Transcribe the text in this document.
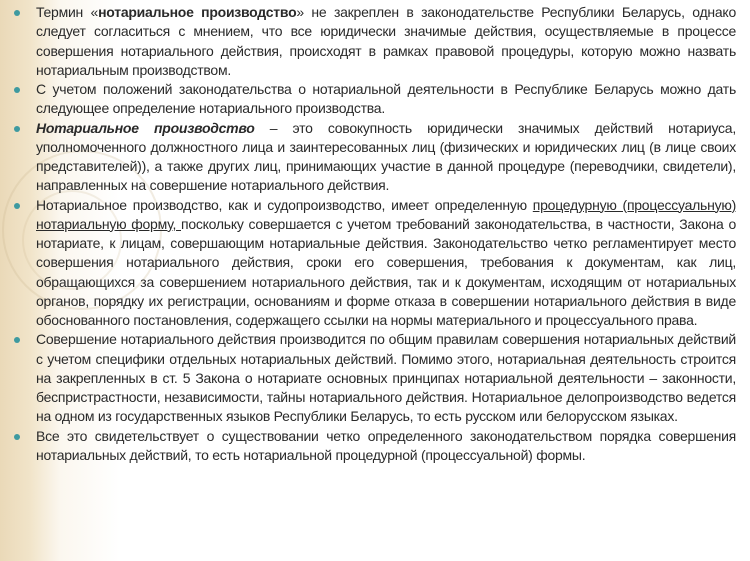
Термин «нотариальное производство» не закреплен в законодательстве Республики Беларусь, однако следует согласиться с мнением, что все юридически значимые действия, осуществляемые в процессе совершения нотариального действия, происходят в рамках правовой процедуры, которую можно назвать нотариальным производством.
С учетом положений законодательства о нотариальной деятельности в Республике Беларусь можно дать следующее определение нотариального производства.
Нотариальное производство – это совокупность юридически значимых действий нотариуса, уполномоченного должностного лица и заинтересованных лиц (физических и юридических лиц (в лице своих представителей)), а также других лиц, принимающих участие в данной процедуре (переводчики, свидетели), направленных на совершение нотариального действия.
Нотариальное производство, как и судопроизводство, имеет определенную процедурную (процессуальную) нотариальную форму, поскольку совершается с учетом требований законодательства, в частности, Закона о нотариате, к лицам, совершающим нотариальные действия. Законодательство четко регламентирует место совершения нотариального действия, сроки его совершения, требования к документам, как лиц, обращающихся за совершением нотариального действия, так и к документам, исходящим от нотариальных органов, порядку их регистрации, основаниям и форме отказа в совершении нотариального действия в виде обоснованного постановления, содержащего ссылки на нормы материального и процессуального права.
Совершение нотариального действия производится по общим правилам совершения нотариальных действий с учетом специфики отдельных нотариальных действий. Помимо этого, нотариальная деятельность строится на закрепленных в ст. 5 Закона о нотариате основных принципах нотариальной деятельности – законности, беспристрастности, независимости, тайны нотариального действия. Нотариальное делопроизводство ведется на одном из государственных языков Республики Беларусь, то есть русском или белорусском языках.
Все это свидетельствует о существовании четко определенного законодательством порядка совершения нотариальных действий, то есть нотариальной процедурной (процессуальной) формы.
